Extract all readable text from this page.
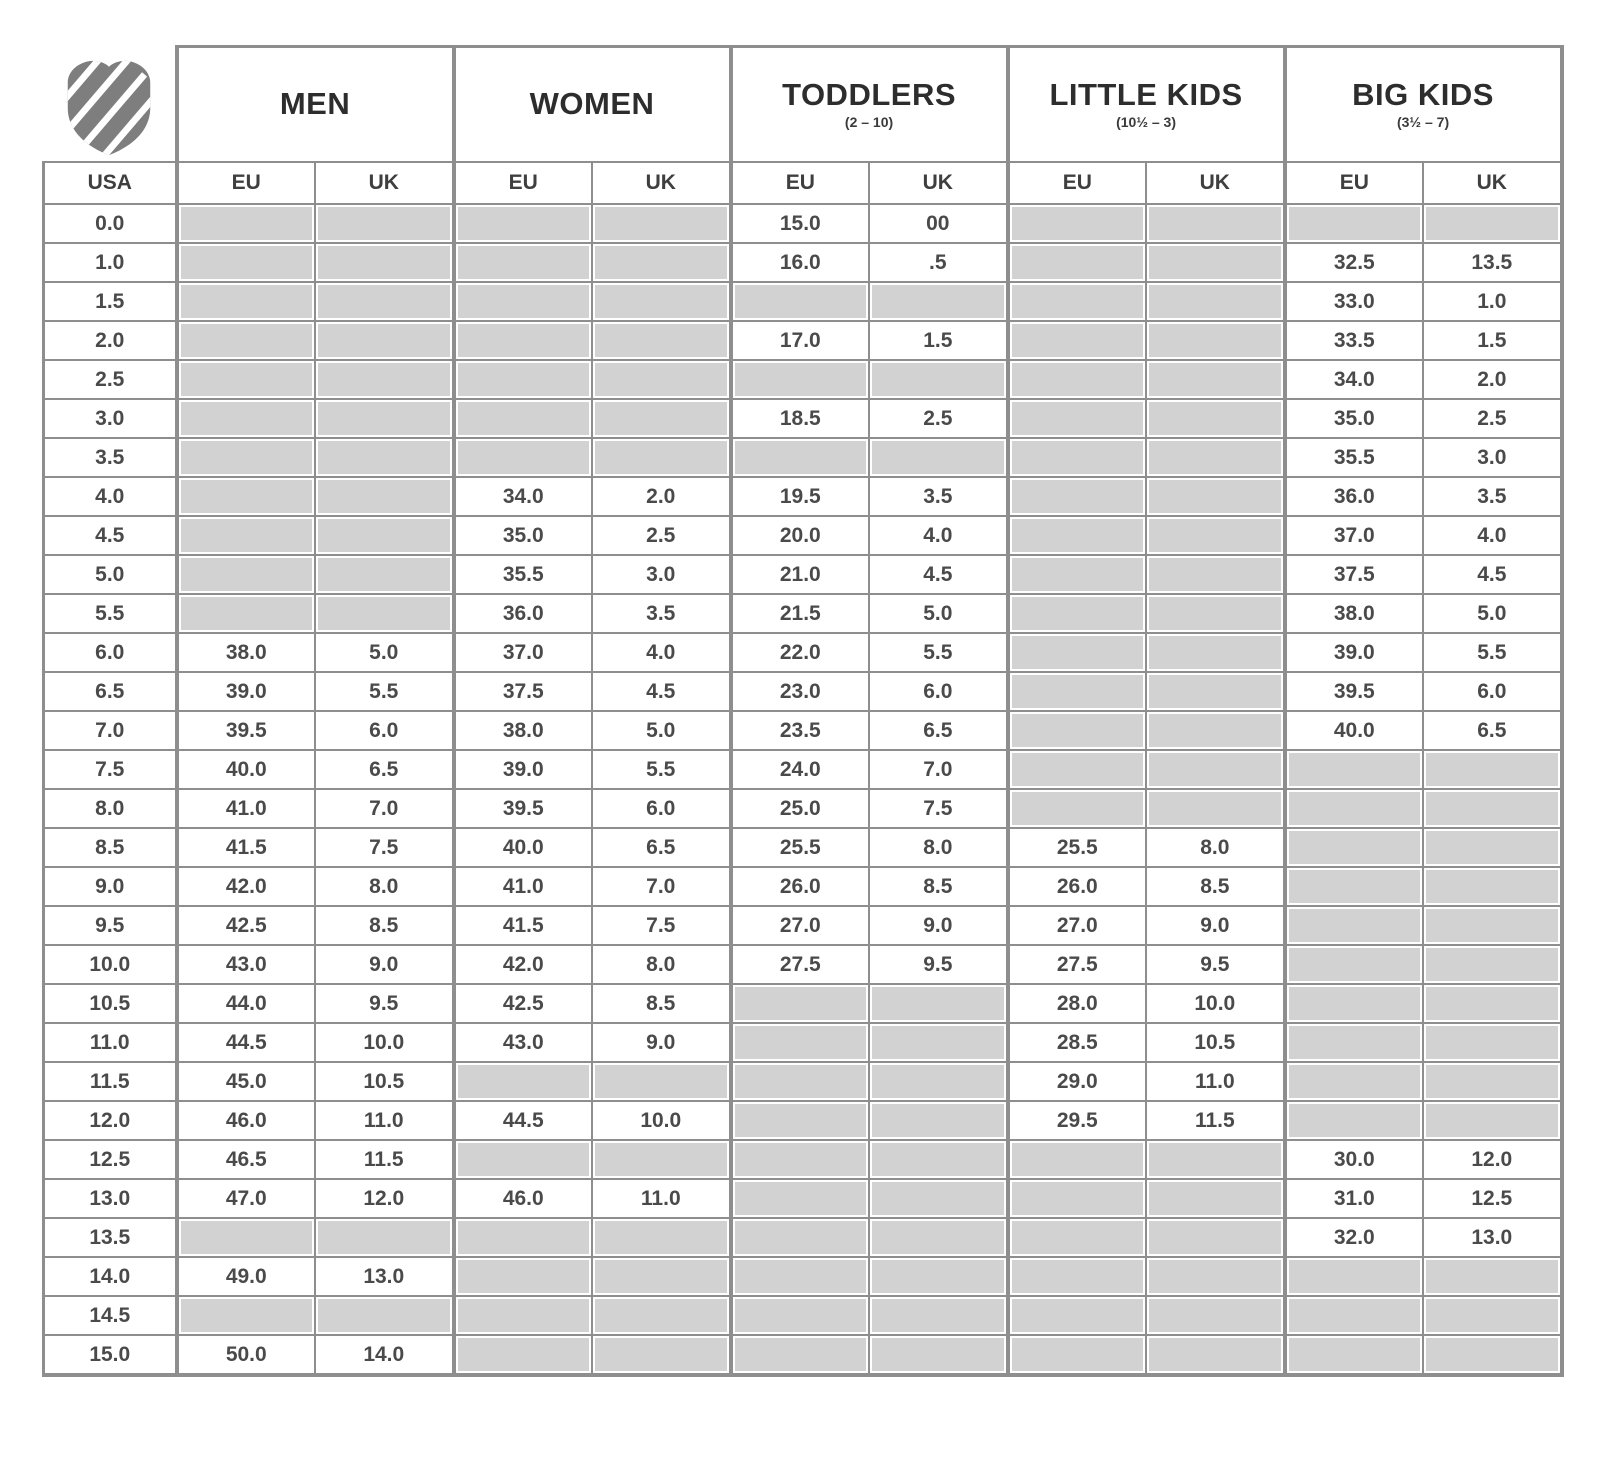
MEN	WOMEN	TODDLERS
(2 – 10)

LITTLE KIDS
(10½ – 3)

BIG KIDS
(3½ – 7)

USA	EU	UK	EU	UK	EU	UK	EU	UK	EU	UK
0.0					15.0	00				
1.0					16.0	.5			32.5	13.5
1.5									33.0	1.0
2.0					17.0	1.5			33.5	1.5
2.5									34.0	2.0
3.0					18.5	2.5			35.0	2.5
3.5									35.5	3.0
4.0			34.0	2.0	19.5	3.5			36.0	3.5
4.5			35.0	2.5	20.0	4.0			37.0	4.0
5.0			35.5	3.0	21.0	4.5			37.5	4.5
5.5			36.0	3.5	21.5	5.0			38.0	5.0
6.0	38.0	5.0	37.0	4.0	22.0	5.5			39.0	5.5
6.5	39.0	5.5	37.5	4.5	23.0	6.0			39.5	6.0
7.0	39.5	6.0	38.0	5.0	23.5	6.5			40.0	6.5
7.5	40.0	6.5	39.0	5.5	24.0	7.0				
8.0	41.0	7.0	39.5	6.0	25.0	7.5				
8.5	41.5	7.5	40.0	6.5	25.5	8.0	25.5	8.0		
9.0	42.0	8.0	41.0	7.0	26.0	8.5	26.0	8.5		
9.5	42.5	8.5	41.5	7.5	27.0	9.0	27.0	9.0		
10.0	43.0	9.0	42.0	8.0	27.5	9.5	27.5	9.5		
10.5	44.0	9.5	42.5	8.5			28.0	10.0		
11.0	44.5	10.0	43.0	9.0			28.5	10.5		
11.5	45.0	10.5					29.0	11.0		
12.0	46.0	11.0	44.5	10.0			29.5	11.5		
12.5	46.5	11.5							30.0	12.0
13.0	47.0	12.0	46.0	11.0					31.0	12.5
13.5									32.0	13.0
14.0	49.0	13.0								
14.5										
15.0	50.0	14.0								
